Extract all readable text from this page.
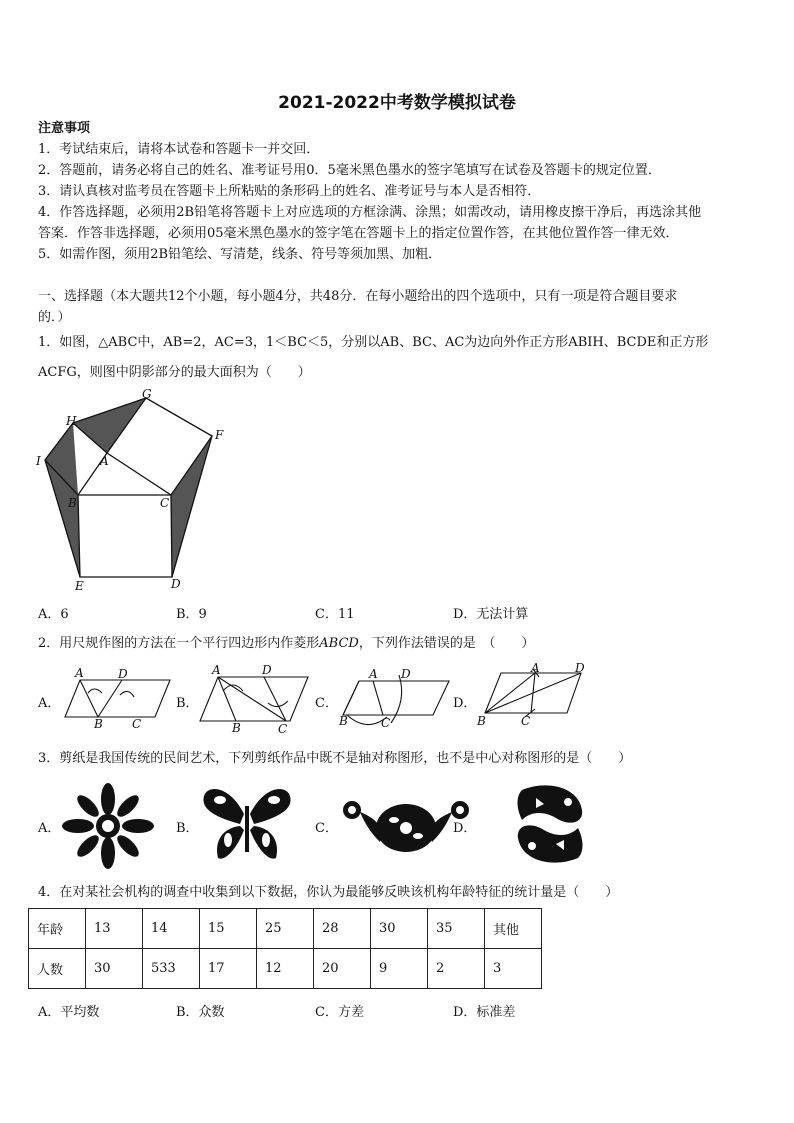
2021-2022中考数学模拟试卷
注意事项
1．考试结束后，请将本试卷和答题卡一并交回．
2．答题前，请务必将自己的姓名、准考证号用0．5毫米黑色墨水的签字笔填写在试卷及答题卡的规定位置．
3．请认真核对监考员在答题卡上所粘贴的条形码上的姓名、准考证号与本人是否相符．
4．作答选择题，必须用2B铅笔将答题卡上对应选项的方框涂满、涂黑；如需改动，请用橡皮擦干净后，再选涂其他
答案．作答非选择题，必须用05毫米黑色墨水的签字笔在答题卡上的指定位置作答，在其他位置作答一律无效．
5．如需作图，须用2B铅笔绘、写清楚，线条、符号等须加黑、加粗．
一、选择题（本大题共12个小题，每小题4分，共48分．在每小题给出的四个选项中，只有一项是符合题目要求
的．）
1．如图，△ABC中，AB=2，AC=3，1＜BC＜5，分别以AB、BC、AC为边向外作正方形ABIH、BCDE和正方形
ACFG，则图中阴影部分的最大面积为（　　）
G
H
F
I	A
B	C
E	D
A．6	B．9	C．11	D．无法计算
2．用尺规作图的方法在一个平行四边形内作菱形ABCD，下列作法错误的是　（　　）
A．
A	D
B C
B．
A	D
B	C
C．
A D
B	C
D．
A	D
B	C
3．剪纸是我国传统的民间艺术，下列剪纸作品中既不是轴对称图形，也不是中心对称图形的是（　　）
A．	B．	C．	D．
4．在对某社会机构的调查中收集到以下数据，你认为最能够反映该机构年龄特征的统计量是（　　）
年龄	13	14	15	25	28	30	35	其他
人数	30	533	17	12	20	9	2	3
A．平均数	B．众数	C．方差	D．标准差
